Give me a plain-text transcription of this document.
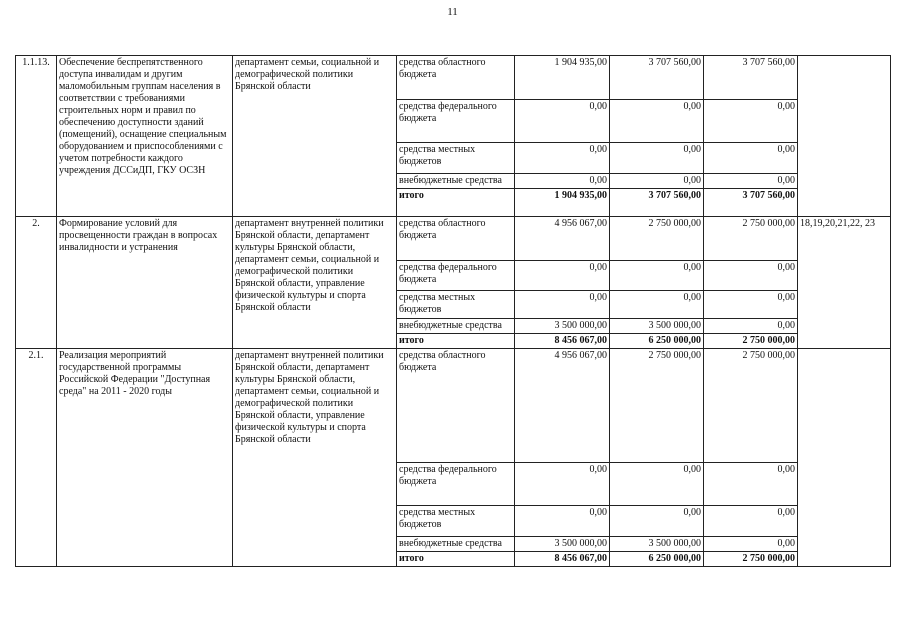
11
1.1.13.	Обеспечение беспрепятственного доступа инвалидам и другим маломобильным группам населения в соответствии с требованиями строительных норм и правил по обеспечению доступности зданий (помещений), оснащение специальным оборудованием и приспособлениями с учетом потребности каждого учреждения ДССиДП, ГКУ ОСЗН	департамент семьи, социальной и демографической политики Брянской области	средства областного бюджета	1 904 935,00	3 707 560,00	3 707 560,00	
			средства федерального бюджета	0,00	0,00	0,00	
			средства местных бюджетов	0,00	0,00	0,00	
			внебюджетные средства	0,00	0,00	0,00	
			итого	1 904 935,00	3 707 560,00	3 707 560,00	
2.	Формирование условий для просвещенности граждан в вопросах инвалидности и устранения	департамент внутренней политики Брянской области, департамент культуры Брянской области, департамент семьи, социальной и демографической политики Брянской области, управление физической культуры и спорта Брянской области	средства областного бюджета	4 956 067,00	2 750 000,00	2 750 000,00	18,19,20,21,22, 23
			средства федерального бюджета	0,00	0,00	0,00	
			средства местных бюджетов	0,00	0,00	0,00	
			внебюджетные средства	3 500 000,00	3 500 000,00	0,00	
			итого	8 456 067,00	6 250 000,00	2 750 000,00	
2.1.	Реализация мероприятий государственной программы Российской Федерации "Доступная среда" на 2011 - 2020 годы	департамент внутренней политики Брянской области, департамент культуры Брянской области, департамент семьи, социальной и демографической политики Брянской области, управление физической культуры и спорта Брянской области	средства областного бюджета	4 956 067,00	2 750 000,00	2 750 000,00	
			средства федерального бюджета	0,00	0,00	0,00	
			средства местных бюджетов	0,00	0,00	0,00	
			внебюджетные средства	3 500 000,00	3 500 000,00	0,00	
			итого	8 456 067,00	6 250 000,00	2 750 000,00	
